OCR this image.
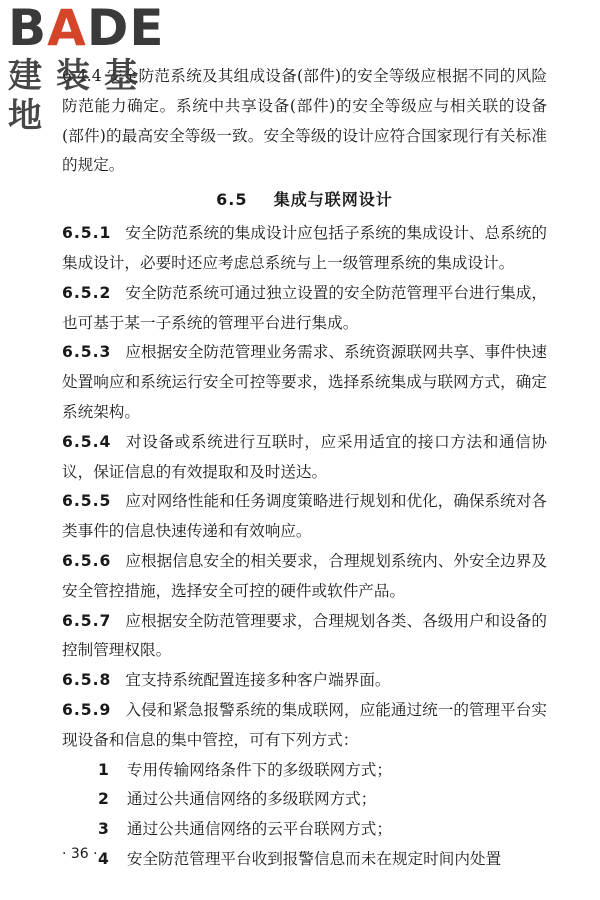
BADE
建装基地

6.4.4 安全防范系统及其组成设备(部件)的安全等级应根据不同的风险防范能力确定。系统中共享设备(部件)的安全等级应与相关联的设备(部件)的最高安全等级一致。安全等级的设计应符合国家现行有关标准的规定。

6.5 集成与联网设计

6.5.1 安全防范系统的集成设计应包括子系统的集成设计、总系统的集成设计，必要时还应考虑总系统与上一级管理系统的集成设计。

6.5.2 安全防范系统可通过独立设置的安全防范管理平台进行集成，也可基于某一子系统的管理平台进行集成。

6.5.3 应根据安全防范管理业务需求、系统资源联网共享、事件快速处置响应和系统运行安全可控等要求，选择系统集成与联网方式，确定系统架构。

6.5.4 对设备或系统进行互联时，应采用适宜的接口方法和通信协议，保证信息的有效提取和及时送达。

6.5.5 应对网络性能和任务调度策略进行规划和优化，确保系统对各类事件的信息快速传递和有效响应。

6.5.6 应根据信息安全的相关要求，合理规划系统内、外安全边界及安全管控措施，选择安全可控的硬件或软件产品。

6.5.7 应根据安全防范管理要求，合理规划各类、各级用户和设备的控制管理权限。

6.5.8 宜支持系统配置连接多种客户端界面。

6.5.9 入侵和紧急报警系统的集成联网，应能通过统一的管理平台实现设备和信息的集中管控，可有下列方式：

1 专用传输网络条件下的多级联网方式；

2 通过公共通信网络的多级联网方式；

3 通过公共通信网络的云平台联网方式；

4 安全防范管理平台收到报警信息而未在规定时间内处置

· 36 ·
